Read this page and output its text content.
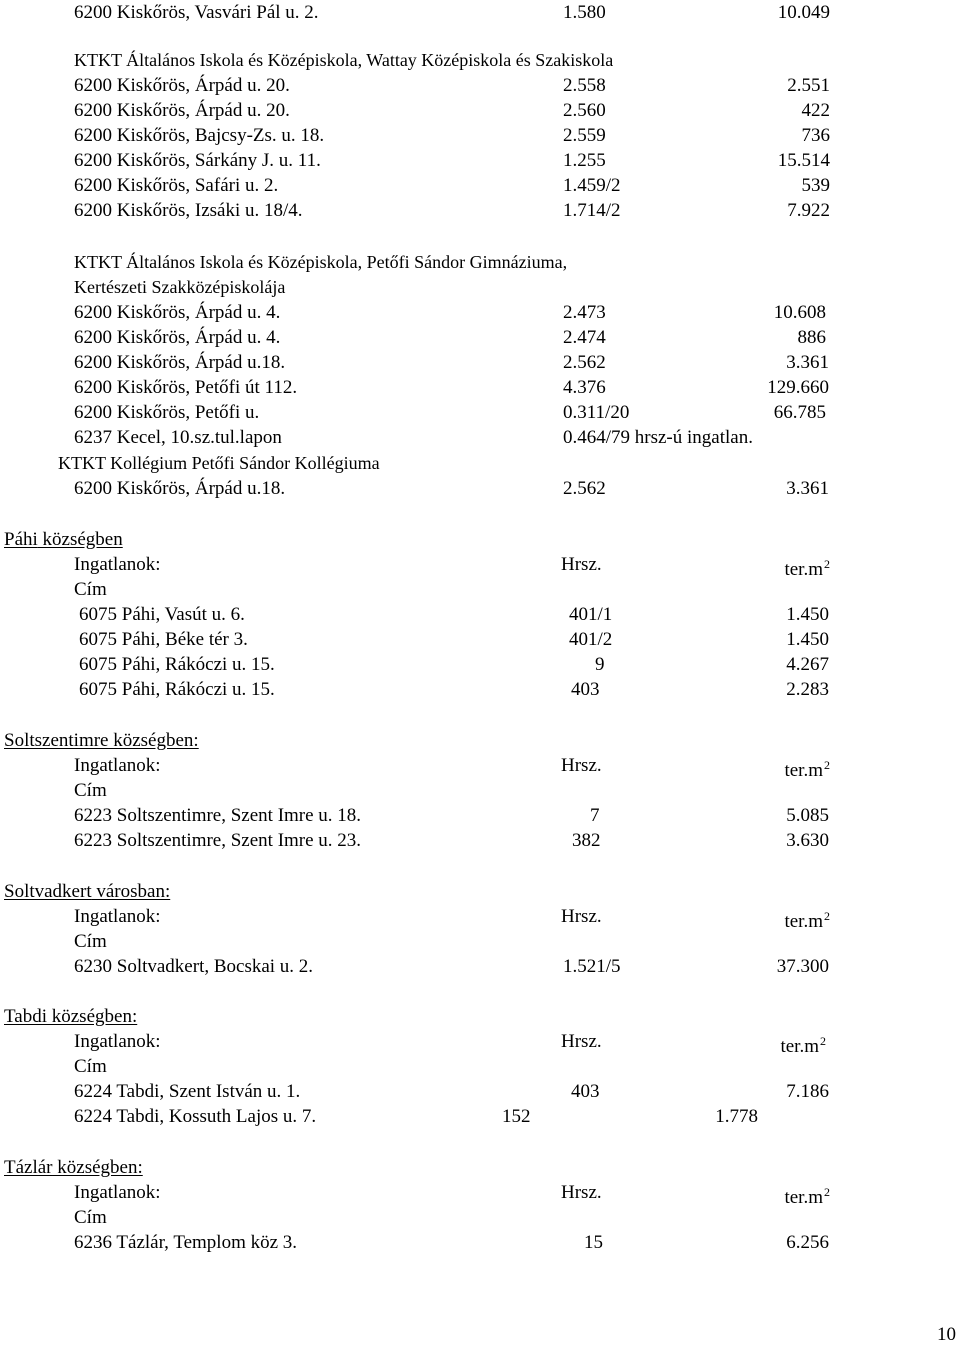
6200 Kiskőrös, Vasvári Pál u. 2.	1.580	10.049
KTKT Általános Iskola és Középiskola, Wattay Középiskola és Szakiskola
6200 Kiskőrös, Árpád u. 20.	2.558	2.551
6200 Kiskőrös, Árpád u. 20.	2.560	422
6200 Kiskőrös, Bajcsy-Zs. u. 18.	2.559	736
6200 Kiskőrös, Sárkány J. u. 11.	1.255	15.514
6200 Kiskőrös, Safári u. 2.	1.459/2	539
6200 Kiskőrös, Izsáki u. 18/4.	1.714/2	7.922
KTKT Általános Iskola és Középiskola, Petőfi Sándor Gimnáziuma,
Kertészeti Szakközépiskolája
6200 Kiskőrös, Árpád u. 4.	2.473	10.608
6200 Kiskőrös, Árpád u. 4.	2.474	886
6200 Kiskőrös, Árpád u.18.	2.562	3.361
6200 Kiskőrös, Petőfi út 112.	4.376	129.660
6200 Kiskőrös, Petőfi u.	0.311/20	66.785
6237 Kecel, 10.sz.tul.lapon	0.464/79 hrsz-ú ingatlan.
KTKT Kollégium Petőfi Sándor Kollégiuma
6200 Kiskőrös, Árpád u.18.	2.562	3.361
Páhi községben
Ingatlanok:	Hrsz.	$ter.m^2$
Cím
6075 Páhi, Vasút u. 6.	401/1	1.450
6075 Páhi, Béke tér 3.	401/2	1.450
6075 Páhi, Rákóczi u. 15.	9	4.267
6075 Páhi, Rákóczi u. 15.	403	2.283
Soltszentimre községben:
Ingatlanok:	Hrsz.	$ter.m^2$
Cím
6223 Soltszentimre, Szent Imre u. 18.	7	5.085
6223 Soltszentimre, Szent Imre u. 23.	382	3.630
Soltvadkert városban:
Ingatlanok:	Hrsz.	$ter.m^2$
Cím
6230 Soltvadkert, Bocskai u. 2.	1.521/5	37.300
Tabdi községben:
Ingatlanok:	Hrsz.	$ter.m^2$
Cím
6224 Tabdi, Szent István u. 1.	403	7.186
6224 Tabdi, Kossuth Lajos u. 7.	152	1.778
Tázlár községben:
Ingatlanok:	Hrsz.	$ter.m^2$
Cím
6236 Tázlár, Templom köz 3.	15	6.256
10
